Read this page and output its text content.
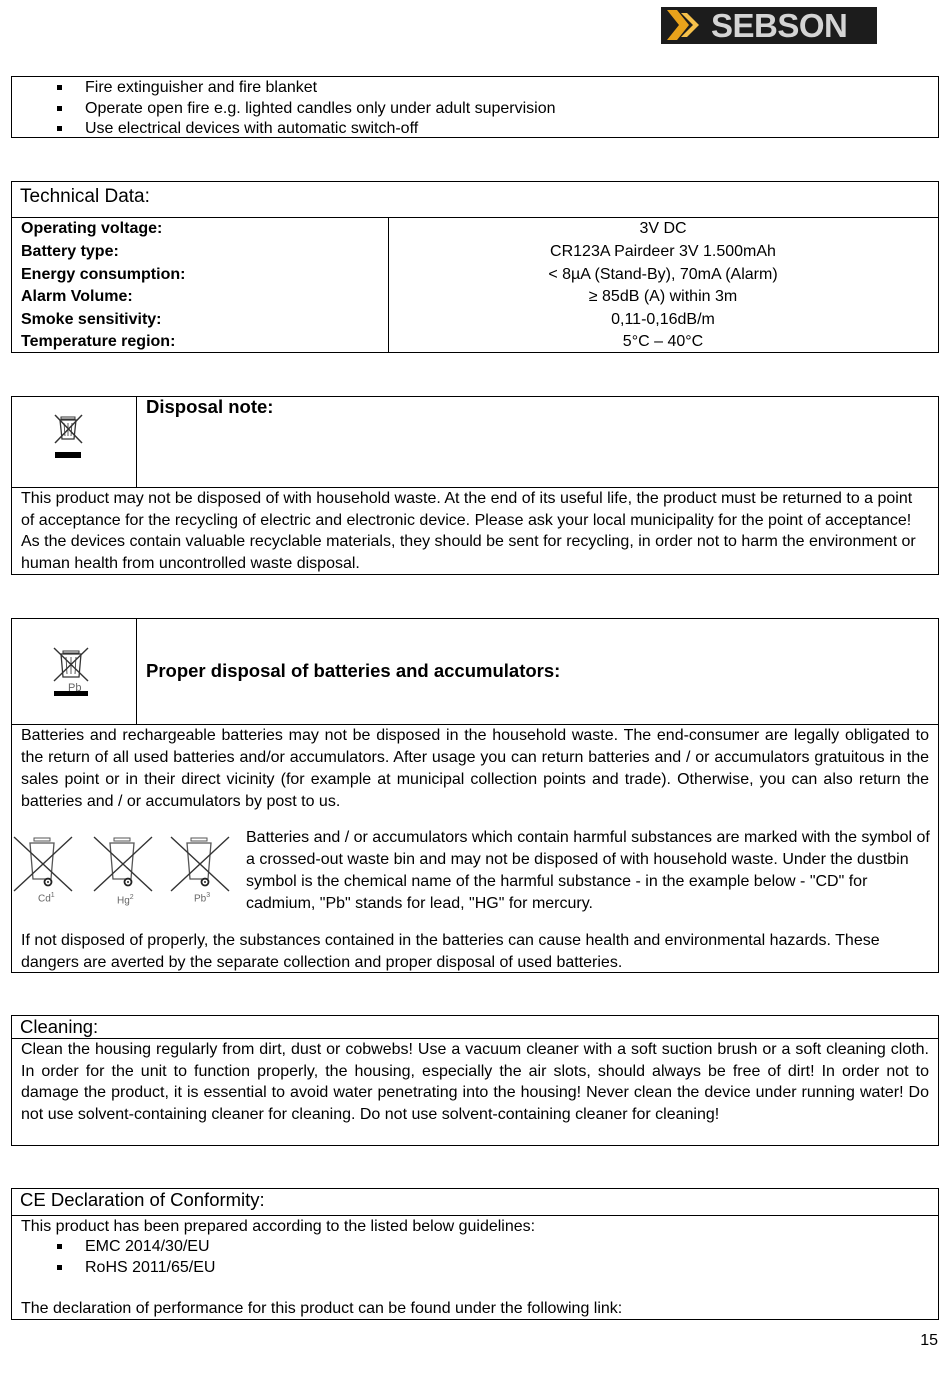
SEBSON
Fire extinguisher and fire blanket
Operate open fire e.g. lighted candles only under adult supervision
Use electrical devices with automatic switch-off
Technical Data:
Operating voltage:	3V DC
Battery type:	CR123A Pairdeer 3V 1.500mAh
Energy consumption:	< 8µA (Stand-By), 70mA (Alarm)
Alarm Volume:	≥ 85dB (A) within 3m
Smoke sensitivity:	0,11-0,16dB/m
Temperature region:	5°C – 40°C
Disposal note:
This product may not be disposed of with household waste. At the end of its useful life, the product must be returned to a point of acceptance for the recycling of electric and electronic device. Please ask your local municipality for the point of acceptance! As the devices contain valuable recyclable materials, they should be sent for recycling, in order not to harm the environment or human health from uncontrolled waste disposal.
Pb
Proper disposal of batteries and accumulators:
Batteries and rechargeable batteries may not be disposed in the household waste. The end-consumer are legally obligated to the return of all used batteries and/or accumulators. After usage you can return batteries and / or accumulators gratuitous in the sales point or in their direct vicinity (for example at municipal collection points and trade). Otherwise, you can also return the batteries and / or accumulators by post to us.
Cd$^1$	Hg$^2$	Pb$^3$
Batteries and / or accumulators which contain harmful substances are marked with the symbol of a crossed-out waste bin and may not be disposed of with household waste. Under the dustbin symbol is the chemical name of the harmful substance - in the example below - "CD" for cadmium, "Pb" stands for lead, "HG" for mercury.
If not disposed of properly, the substances contained in the batteries can cause health and environmental hazards. These dangers are averted by the separate collection and proper disposal of used batteries.
Cleaning:
Clean the housing regularly from dirt, dust or cobwebs! Use a vacuum cleaner with a soft suction brush or a soft cleaning cloth. In order for the unit to function properly, the housing, especially the air slots, should always be free of dirt! In order not to damage the product, it is essential to avoid water penetrating into the housing! Never clean the device under running water! Do not use solvent-containing cleaner for cleaning. Do not use solvent-containing cleaner for cleaning!
CE Declaration of Conformity:
This product has been prepared according to the listed below guidelines:
EMC 2014/30/EU
RoHS 2011/65/EU
The declaration of performance for this product can be found under the following link:
15
